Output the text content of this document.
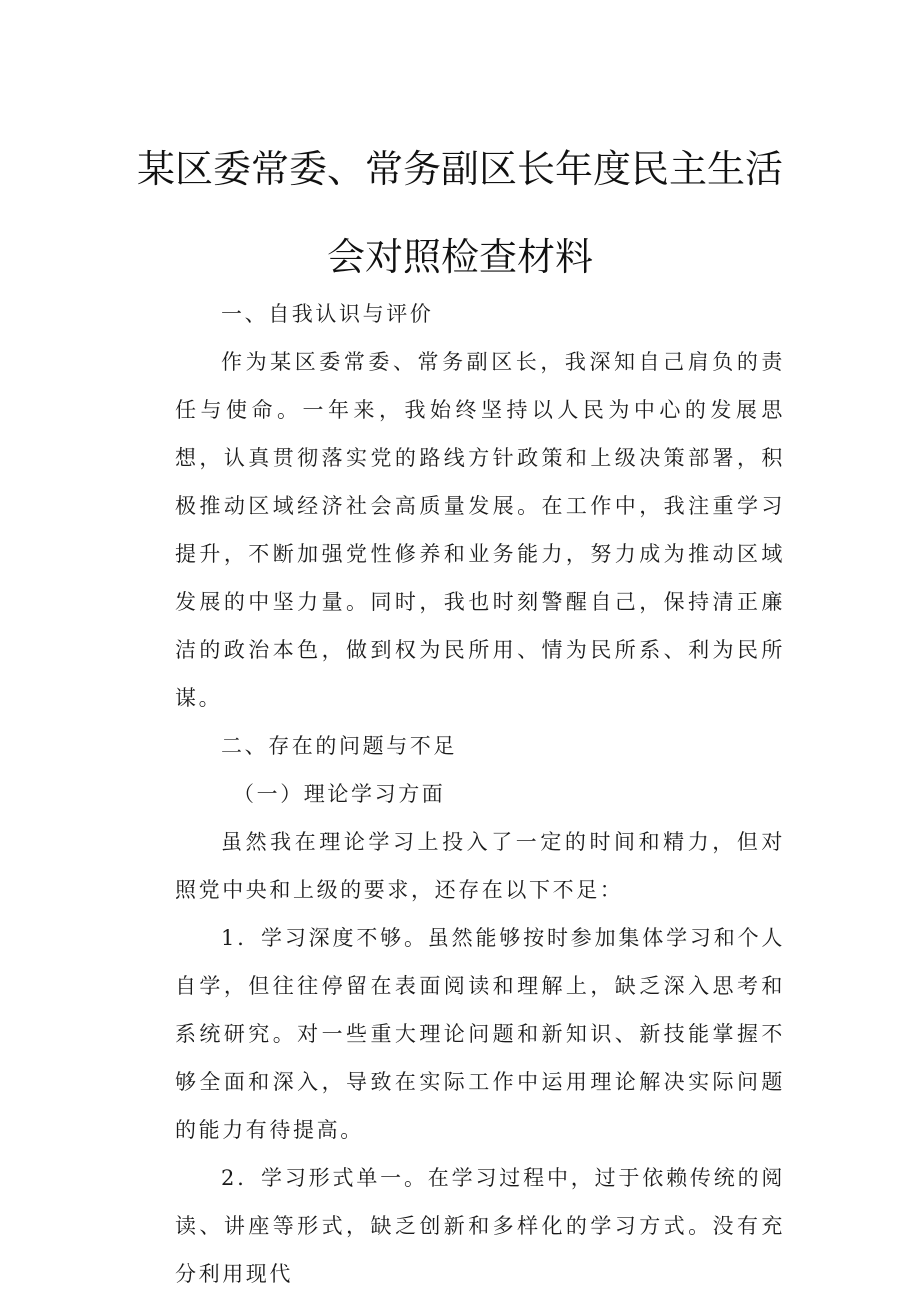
某区委常委、常务副区长年度民主生活
会对照检查材料

一、自我认识与评价

作为某区委常委、常务副区长，我深知自己肩负的责任与使命。一年来，我始终坚持以人民为中心的发展思想，认真贯彻落实党的路线方针政策和上级决策部署，积极推动区域经济社会高质量发展。在工作中，我注重学习提升，不断加强党性修养和业务能力，努力成为推动区域发展的中坚力量。同时，我也时刻警醒自己，保持清正廉洁的政治本色，做到权为民所用、情为民所系、利为民所谋。

二、存在的问题与不足

（一）理论学习方面

虽然我在理论学习上投入了一定的时间和精力，但对照党中央和上级的要求，还存在以下不足：

1．学习深度不够。虽然能够按时参加集体学习和个人自学，但往往停留在表面阅读和理解上，缺乏深入思考和系统研究。对一些重大理论问题和新知识、新技能掌握不够全面和深入，导致在实际工作中运用理论解决实际问题的能力有待提高。

2．学习形式单一。在学习过程中，过于依赖传统的阅读、讲座等形式，缺乏创新和多样化的学习方式。没有充分利用现代
